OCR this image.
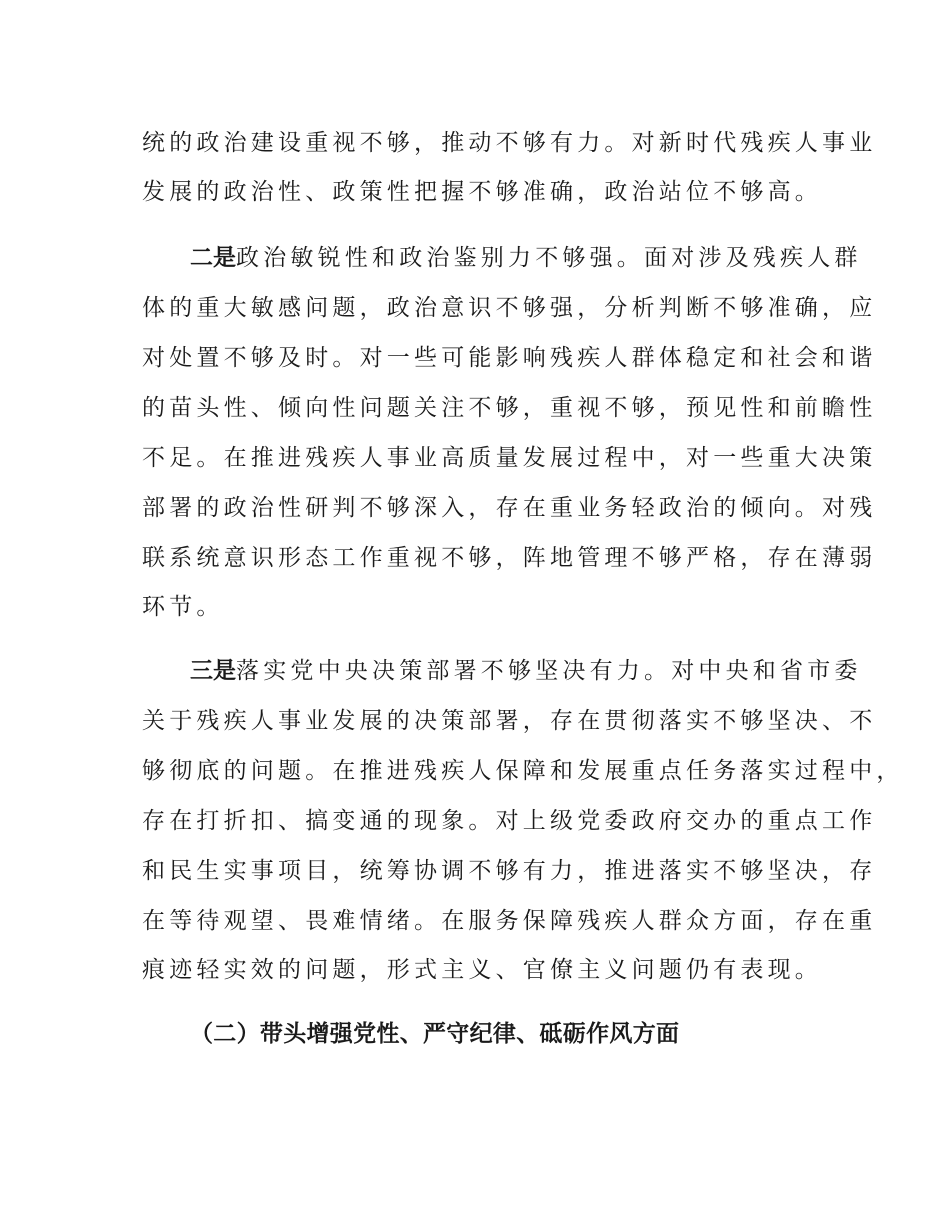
统的政治建设重视不够，推动不够有力。对新时代残疾人事业
发展的政治性、政策性把握不够准确，政治站位不够高。
二是政治敏锐性和政治鉴别力不够强。面对涉及残疾人群
体的重大敏感问题，政治意识不够强，分析判断不够准确，应
对处置不够及时。对一些可能影响残疾人群体稳定和社会和谐
的苗头性、倾向性问题关注不够，重视不够，预见性和前瞻性
不足。在推进残疾人事业高质量发展过程中，对一些重大决策
部署的政治性研判不够深入，存在重业务轻政治的倾向。对残
联系统意识形态工作重视不够，阵地管理不够严格，存在薄弱
环节。
三是落实党中央决策部署不够坚决有力。对中央和省市委
关于残疾人事业发展的决策部署，存在贯彻落实不够坚决、不
够彻底的问题。在推进残疾人保障和发展重点任务落实过程中，
存在打折扣、搞变通的现象。对上级党委政府交办的重点工作
和民生实事项目，统筹协调不够有力，推进落实不够坚决，存
在等待观望、畏难情绪。在服务保障残疾人群众方面，存在重
痕迹轻实效的问题，形式主义、官僚主义问题仍有表现。
（二）带头增强党性、严守纪律、砥砺作风方面
